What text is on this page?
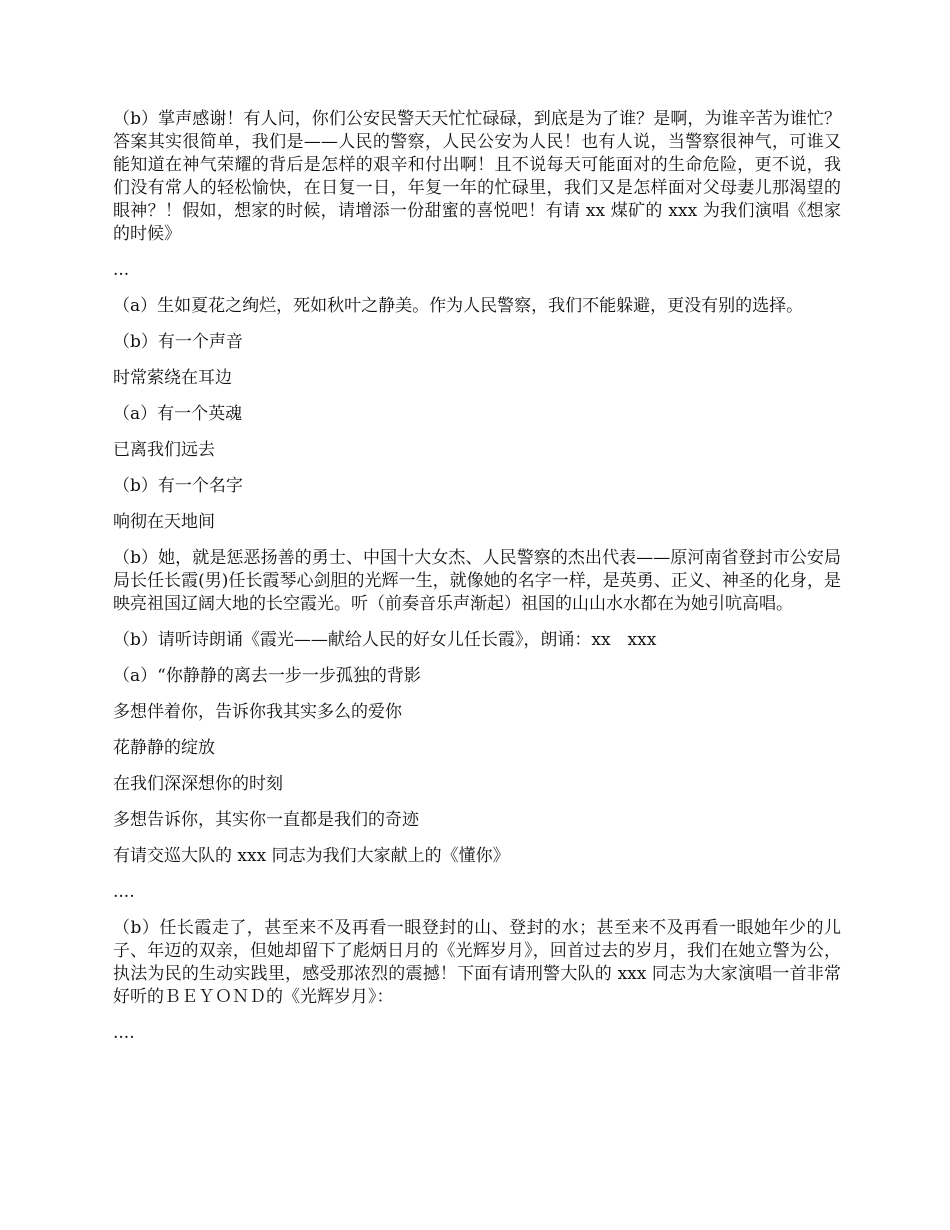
（b）掌声感谢！有人问，你们公安民警天天忙忙碌碌，到底是为了谁？是啊，为谁辛苦为谁忙？答案其实很简单，我们是——人民的警察，人民公安为人民！也有人说，当警察很神气，可谁又能知道在神气荣耀的背后是怎样的艰辛和付出啊！且不说每天可能面对的生命危险，更不说，我们没有常人的轻松愉快，在日复一日，年复一年的忙碌里，我们又是怎样面对父母妻儿那渴望的眼神？！假如，想家的时候，请增添一份甜蜜的喜悦吧！有请 xx 煤矿的 xxx 为我们演唱《想家的时候》

...

（a）生如夏花之绚烂，死如秋叶之静美。作为人民警察，我们不能躲避，更没有别的选择。

（b）有一个声音

时常萦绕在耳边

（a）有一个英魂

已离我们远去

（b）有一个名字

响彻在天地间

（b）她，就是惩恶扬善的勇士、中国十大女杰、人民警察的杰出代表——原河南省登封市公安局局长任长霞(男)任长霞琴心剑胆的光辉一生，就像她的名字一样，是英勇、正义、神圣的化身，是映亮祖国辽阔大地的长空霞光。听（前奏音乐声渐起）祖国的山山水水都在为她引吭高唱。

（b）请听诗朗诵《霞光——献给人民的好女儿任长霞》，朗诵：xx　xxx

（a）“你静静的离去一步一步孤独的背影

多想伴着你，告诉你我其实多么的爱你

花静静的绽放

在我们深深想你的时刻

多想告诉你，其实你一直都是我们的奇迹

有请交巡大队的 xxx 同志为我们大家献上的《懂你》

....

（b）任长霞走了，甚至来不及再看一眼登封的山、登封的水；甚至来不及再看一眼她年少的儿子、年迈的双亲，但她却留下了彪炳日月的《光辉岁月》，回首过去的岁月，我们在她立警为公，执法为民的生动实践里，感受那浓烈的震撼！下面有请刑警大队的 xxx 同志为大家演唱一首非常好听的ＢＥＹＯＮＤ的《光辉岁月》：

....
